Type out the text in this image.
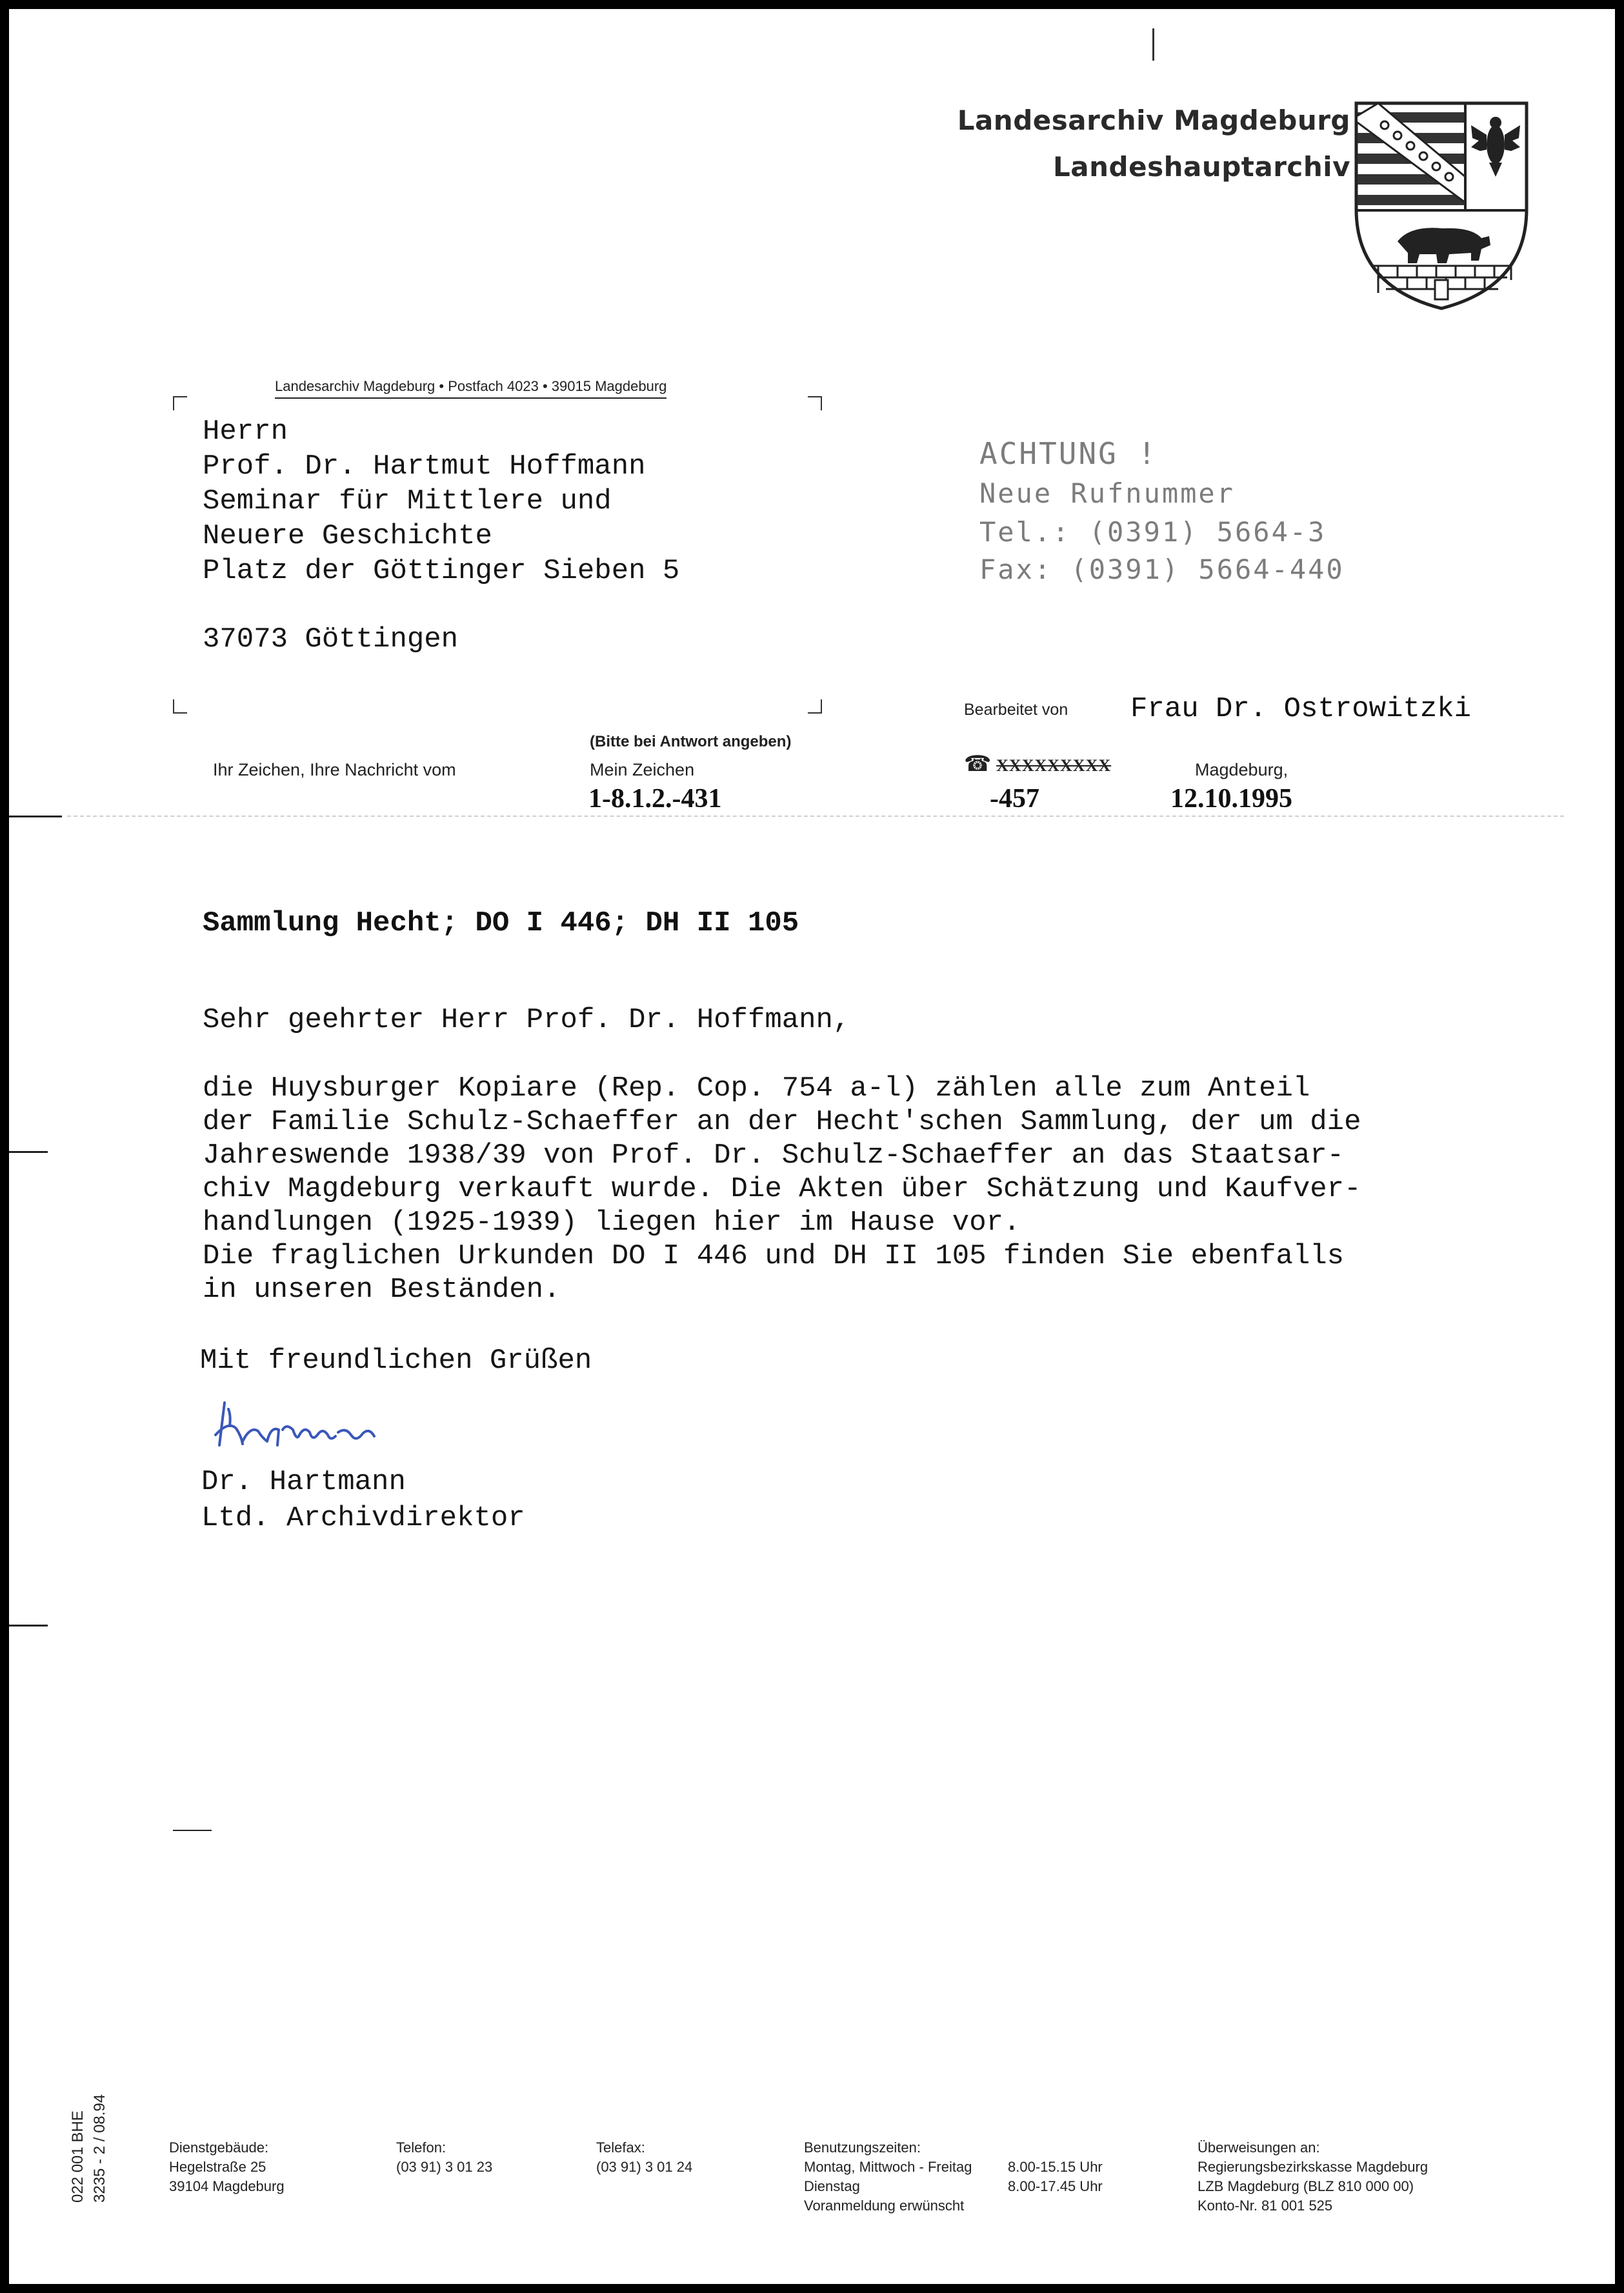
Landesarchiv Magdeburg
Landeshauptarchiv
Landesarchiv Magdeburg • Postfach 4023 • 39015 Magdeburg
Herrn
Prof. Dr. Hartmut Hoffmann
Seminar für Mittlere und
Neuere Geschichte
Platz der Göttinger Sieben 5
37073 Göttingen
ACHTUNG !
Neue Rufnummer
Tel.: (0391) 5664-3
Fax: (0391) 5664-440
Bearbeitet von Frau Dr. Ostrowitzki
(Bitte bei Antwort angeben)
Ihr Zeichen, Ihre Nachricht vom	Mein Zeichen
1-8.1.2.-431
☎ XXXXXXXXX
-457
Magdeburg,
12.10.1995
Sammlung Hecht; DO I 446; DH II 105
Sehr geehrter Herr Prof. Dr. Hoffmann,
die Huysburger Kopiare (Rep. Cop. 754 a-l) zählen alle zum Anteil
der Familie Schulz-Schaeffer an der Hecht'schen Sammlung, der um die
Jahreswende 1938/39 von Prof. Dr. Schulz-Schaeffer an das Staatsar-
chiv Magdeburg verkauft wurde. Die Akten über Schätzung und Kaufver-
handlungen (1925-1939) liegen hier im Hause vor.
Die fraglichen Urkunden DO I 446 und DH II 105 finden Sie ebenfalls
in unseren Beständen.
Mit freundlichen Grüßen
Dr. Hartmann
Ltd. Archivdirektor
022 001 BHE 3235 - 2 / 08.94	Dienstgebäude:
Hegelstraße 25
39104 Magdeburg
Telefon:
(03 91) 3 01 23
Telefax:
(03 91) 3 01 24
Benutzungszeiten:
Montag, Mittwoch - Freitag	8.00-15.15 Uhr
Dienstag	8.00-17.45 Uhr
Voranmeldung erwünscht
Überweisungen an:
Regierungsbezirkskasse Magdeburg
LZB Magdeburg (BLZ 810 000 00)
Konto-Nr. 81 001 525
